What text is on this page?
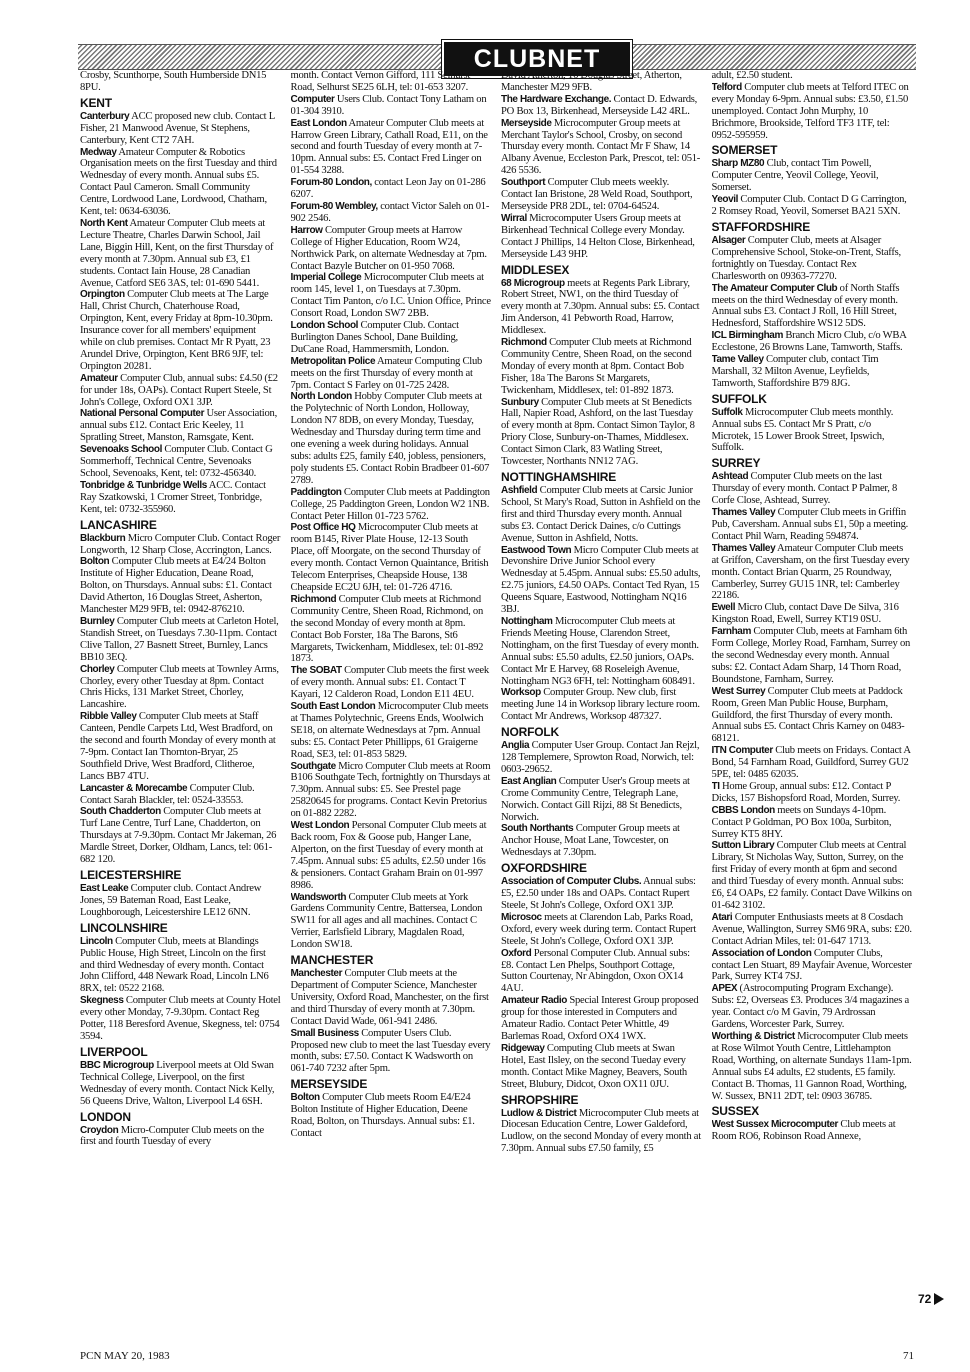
CLUBNET
Crosby, Scunthorpe, South Humberside DN15 8PU.
KENT
Canterbury ACC proposed new club. Contact L Fisher, 21 Manwood Avenue, St Stephens, Canterbury, Kent CT2 7AH.
Medway Amateur Computer & Robotics Organisation meets on the first Tuesday and third Wednesday of every month. Annual subs £5. Contact Paul Cameron. Small Community Centre, Lordwood Lane, Lordwood, Chatham, Kent, tel: 0634-63036.
North Kent Amateur Computer Club meets at Lecture Theatre, Charles Darwin School, Jail Lane, Biggin Hill, Kent, on the first Thursday of every month at 7.30pm. Annual sub £3, £1 students. Contact Iain House, 28 Canadian Avenue, Catford SE6 3AS, tel: 01-690 5441.
Orpington Computer Club meets at The Large Hall, Christ Church, Chaterhouse Road, Orpington, Kent, every Friday at 8pm-10.30pm. Insurance cover for all members' equipment while on club premises. Contact Mr R Pyatt, 23 Arundel Drive, Orpington, Kent BR6 9JF, tel: Orpington 20281.
Amateur Computer Club, annual subs: £4.50 (£2 for under 18s, OAPs). Contact Rupert Steele, St John's College, Oxford OX1 3JP.
National Personal Computer User Association, annual subs £12. Contact Eric Keeley, 11 Spratling Street, Manston, Ramsgate, Kent.
Sevenoaks School Computer Club. Contact G Sommerhoff, Technical Centre, Sevenoaks School, Sevenoaks, Kent, tel: 0732-456340.
Tonbridge & Tunbridge Wells ACC. Contact Ray Szatkowski, 1 Cromer Street, Tonbridge, Kent, tel: 0732-355960.
LANCASHIRE
Blackburn Micro Computer Club. Contact Roger Longworth, 12 Sharp Close, Accrington, Lancs.
Bolton Computer Club meets at E4/24 Bolton Institute of Higher Education, Deane Road, Bolton, on Thursdays. Annual subs: £1. Contact David Atherton, 16 Douglas Street, Asherton, Manchester M29 9FB, tel: 0942-876210.
Burnley Computer Club meets at Carleton Hotel, Standish Street, on Tuesdays 7.30-11pm. Contact Clive Tallon, 27 Basnett Street, Burnley, Lancs BB10 3EQ.
Chorley Computer Club meets at Townley Arms, Chorley, every other Tuesday at 8pm. Contact Chris Hicks, 131 Market Street, Chorley, Lancashire.
Ribble Valley Computer Club meets at Staff Canteen, Pendle Carpets Ltd, West Bradford, on the second and fourth Monday of every month at 7-9pm. Contact Ian Thornton-Bryar, 25 Southfield Drive, West Bradford, Clitheroe, Lancs BB7 4TU.
Lancaster & Morecambe Computer Club. Contact Sarah Blackler, tel: 0524-33553.
South Chadderton Computer Club meets at Turf Lane Centre, Turf Lane, Chadderton, on Thursdays at 7-9.30pm. Contact Mr Jakeman, 26 Mardle Street, Dorker, Oldham, Lancs, tel: 061-682 120.
LEICESTERSHIRE
East Leake Computer club. Contact Andrew Jones, 59 Bateman Road, East Leake, Loughborough, Leicestershire LE12 6NN.
LINCOLNSHIRE
Lincoln Computer Club, meets at Blandings Public House, High Street, Lincoln on the first and third Wednesday of every month. Contact John Clifford, 448 Newark Road, Lincoln LN6 8RX, tel: 0522 2168.
Skegness Computer Club meets at County Hotel every other Monday, 7-9.30pm. Contact Reg Potter, 118 Beresford Avenue, Skegness, tel: 0754 3594.
LIVERPOOL
BBC Microgroup Liverpool meets at Old Swan Technical College, Liverpool, on the first Wednesday of every month. Contact Nick Kelly, 56 Queens Drive, Walton, Liverpool L4 6SH.
LONDON
Croydon Micro-Computer Club meets on the first and fourth Tuesday of every
month. Contact Vernon Gifford, 111 Selhurst Road, Selhurst SE25 6LH, tel: 01-653 3207.
Computer Users Club. Contact Tony Latham on 01-304 3910.
East London Amateur Computer Club meets at Harrow Green Library, Cathall Road, E11, on the second and fourth Tuesday of every month at 7-10pm. Annual subs: £5. Contact Fred Linger on 01-554 3288.
Forum-80 London, contact Leon Jay on 01-286 6207.
Forum-80 Wembley, contact Victor Saleh on 01-902 2546.
Harrow Computer Group meets at Harrow College of Higher Education, Room W24, Northwick Park, on alternate Wednesday at 7pm. Contact Bazyle Butcher on 01-950 7068.
Imperial College Microcomputer Club meets at room 145, level 1, on Tuesdays at 7.30pm. Contact Tim Panton, c/o I.C. Union Office, Prince Consort Road, London SW7 2BB.
London School Computer Club. Contact Burlington Danes School, Dane Building, DuCane Road, Hammersmith, London.
Metropolitan Police Amateur Computing Club meets on the first Thursday of every month at 7pm. Contact S Farley on 01-725 2428.
North London Hobby Computer Club meets at the Polytechnic of North London, Holloway, London N7 8DB, on every Monday, Tuesday, Wednesday and Thursday during term time and one evening a week during holidays. Annual subs: adults £25, family £40, jobless, pensioners, poly students £5. Contact Robin Bradbeer 01-607 2789.
Paddington Computer Club meets at Paddington College, 25 Paddington Green, London W2 1NB. Contact Peter Hillon 01-723 5762.
Post Office HQ Microcomputer Club meets at room B145, River Plate House, 12-13 South Place, off Moorgate, on the second Thursday of every month. Contact Vernon Quaintance, British Telecom Enterprises, Cheapside House, 138 Cheapside EC2U 6JH, tel: 01-726 4716.
Richmond Computer Club meets at Richmond Community Centre, Sheen Road, Richmond, on the second Monday of every month at 8pm. Contact Bob Forster, 18a The Barons, St6 Margarets, Twickenham, Middlesex, tel: 01-892 1873.
The SOBAT Computer Club meets the first week of every month. Annual subs: £1. Contact T Kayari, 12 Calderon Road, London E11 4EU.
South East London Microcomputer Club meets at Thames Polytechnic, Greens Ends, Woolwich SE18, on alternate Wednesdays at 7pm. Annual subs: £5. Contact Peter Phillipps, 61 Graigerne Road, SE3, tel: 01-853 5829.
Southgate Micro Computer Club meets at Room B106 Southgate Tech, fortnightly on Thursdays at 7.30pm. Annual subs: £5. See Prestel page 25820645 for programs. Contact Kevin Pretorius on 01-882 2282.
West London Personal Computer Club meets at Back room, Fox & Goose pub, Hanger Lane, Alperton, on the first Tuesday of every month at 7.45pm. Annual subs: £5 adults, £2.50 under 16s & pensioners. Contact Graham Brain on 01-997 8986.
Wandsworth Computer Club meets at York Gardens Community Centre, Battersea, London SW11 for all ages and all machines. Contact C Verrier, Earlsfield Library, Magdalen Road, London SW18.
MANCHESTER
Manchester Computer Club meets at the Department of Computer Science, Manchester University, Oxford Road, Manchester, on the first and third Thursday of every month at 7.30pm. Contact David Wade, 061-941 2486.
Small Business Computer Users Club. Proposed new club to meet the last Tuesday every month, subs: £7.50. Contact K Wadsworth on 061-740 7232 after 5pm.
MERSEYSIDE
Bolton Computer Club meets Room E4/E24 Bolton Institute of Higher Education, Deene Road, Bolton, on Thursdays. Annual subs: £1. Contact
David Atherton, 16 Douglas Street, Atherton, Manchester M29 9FB.
The Hardware Exchange. Contact D. Edwards, PO Box 13, Birkenhead, Merseyside L42 4RL.
Merseyside Microcomputer Group meets at Merchant Taylor's School, Crosby, on second Thursday every month. Contact Mr F Shaw, 14 Albany Avenue, Eccleston Park, Prescot, tel: 051-426 5536.
Southport Computer Club meets weekly. Contact Ian Bristone, 28 Weld Road, Southport, Merseyside PR8 2DL, tel: 0704-64524.
Wirral Microcomputer Users Group meets at Birkenhead Technical College every Monday. Contact J Phillips, 14 Helton Close, Birkenhead, Merseyside L43 9HP.
MIDDLESEX
68 Microgroup meets at Regents Park Library, Robert Street, NW1, on the third Tuesday of every month at 7.30pm. Annual subs: £5. Contact Jim Anderson, 41 Pebworth Road, Harrow, Middlesex.
Richmond Computer Club meets at Richmond Community Centre, Sheen Road, on the second Monday of every month at 8pm. Contact Bob Fisher, 18a The Barons St Margarets, Twickenham, Middlesex, tel: 01-892 1873.
Sunbury Computer Club meets at St Benedicts Hall, Napier Road, Ashford, on the last Tuesday of every month at 8pm. Contact Simon Taylor, 8 Priory Close, Sunbury-on-Thames, Middlesex. Contact Simon Clark, 83 Watling Street, Towcester, Northants NN12 7AG.
NOTTINGHAMSHIRE
Ashfield Computer Club meets at Carsic Junior School, St Mary's Road, Sutton in Ashfield on the first and third Thursday every month. Annual subs £3. Contact Derick Daines, c/o Cuttings Avenue, Sutton in Ashfield, Notts.
Eastwood Town Micro Computer Club meets at Devonshire Drive Junior School every Wednesday at 5.45pm. Annual subs: £5.50 adults, £2.75 juniors, £4.50 OAPs. Contact Ted Ryan, 15 Queens Square, Eastwood, Nottingham NQ16 3BJ.
Nottingham Microcomputer Club meets at Friends Meeting House, Clarendon Street, Nottingham, on the first Tuesday of every month. Annual subs: £5.50 adults, £2.50 juniors, OAPs. Contact Mr E Harvey, 68 Roseleigh Avenue, Nottingham NG3 6FH, tel: Nottingham 608491.
Worksop Computer Group. New club, first meeting June 14 in Worksop library lecture room. Contact Mr Andrews, Worksop 487327.
NORFOLK
Anglia Computer User Group. Contact Jan Rejzl, 128 Templemere, Sprowton Road, Norwich, tel: 0603-29652.
East Anglian Computer User's Group meets at Crome Community Centre, Telegraph Lane, Norwich. Contact Gill Rijzi, 88 St Benedicts, Norwich.
South Northants Computer Group meets at Anchor House, Moat Lane, Towcester, on Wednesdays at 7.30pm.
OXFORDSHIRE
Association of Computer Clubs. Annual subs: £5, £2.50 under 18s and OAPs. Contact Rupert Steele, St John's College, Oxford OX1 3JP.
Microsoc meets at Clarendon Lab, Parks Road, Oxford, every week during term. Contact Rupert Steele, St John's College, Oxford OX1 3JP.
Oxford Personal Computer Club. Annual subs: £8. Contact Len Phelps, Southport Cottage, Sutton Courtenay, Nr Abingdon, Oxon OX14 4AU.
Amateur Radio Special Interest Group proposed group for those interested in Computers and Amateur Radio. Contact Peter Whittle, 49 Barlemas Road, Oxford OX4 1WX.
Ridgeway Computing Club meets at Swan Hotel, East Ilsley, on the second Tueday every month. Contact Mike Magney, Beavers, South Street, Blubury, Didcot, Oxon OX11 0JU.
SHROPSHIRE
Ludlow & District Microcomputer Club meets at Diocesan Education Centre, Lower Galdeford, Ludlow, on the second Monday of every month at 7.30pm. Annual subs £7.50 family, £5
adult, £2.50 student.
Telford Computer club meets at Telford ITEC on every Monday 6-9pm. Annual subs: £3.50, £1.50 unemployed. Contact John Murphy, 10 Brichmore, Brookside, Telford TF3 1TF, tel: 0952-595959.
SOMERSET
Sharp MZ80 Club, contact Tim Powell, Computer Centre, Yeovil College, Yeovil, Somerset.
Yeovil Computer Club. Contact D G Carrington, 2 Romsey Road, Yeovil, Somerset BA21 5XN.
STAFFORDSHIRE
Alsager Computer Club, meets at Alsager Comprehensive School, Stoke-on-Trent, Staffs, fortnightly on Tuesday. Contact Rex Charlesworth on 09363-77270.
The Amateur Computer Club of North Staffs meets on the third Wednesday of every month. Annual subs £3. Contact J Roll, 16 Hill Street, Hednesford, Staffordshire WS12 5DS.
ICL Birmingham Branch Micro Club, c/o WBA Ecclestone, 26 Browns Lane, Tamworth, Staffs.
Tame Valley Computer club, contact Tim Marshall, 32 Milton Avenue, Leyfields, Tamworth, Staffordshire B79 8JG.
SUFFOLK
Suffolk Microcomputer Club meets monthly. Annual subs £5. Contact Mr S Pratt, c/o Microtek, 15 Lower Brook Street, Ipswich, Suffolk.
SURREY
Ashtead Computer Club meets on the last Thursday of every month. Contact P Palmer, 8 Corfe Close, Ashtead, Surrey.
Thames Valley Computer Club meets in Griffin Pub, Caversham. Annual subs £1, 50p a meeting. Contact Phil Warn, Reading 594874.
Thames Valley Amateur Computer Club meets at Griffon, Caversham, on the first Tuesday every month. Contact Brian Quarm, 25 Roundway, Camberley, Surrey GU15 1NR, tel: Camberley 22186.
Ewell Micro Club, contact Dave De Silva, 316 Kingston Road, Ewell, Surrey KT19 0SU.
Farnham Computer Club, meets at Farnham 6th Form College, Morley Road, Farnham, Surrey on the second Wednesday every month. Annual subs: £2. Contact Adam Sharp, 14 Thorn Road, Boundstone, Farnham, Surrey.
West Surrey Computer Club meets at Paddock Room, Green Man Public House, Burpham, Guildford, the first Thursday of every month. Annual subs £5. Contact Chris Karney on 0483-68121.
ITN Computer Club meets on Fridays. Contact A Bond, 54 Farnham Road, Guildford, Surrey GU2 5PE, tel: 0485 62035.
TI Home Group, annual subs: £12. Contact P Dicks, 157 Bishopsford Road, Morden, Surrey.
CBBS London meets on Sundays 4-10pm. Contact P Goldman, PO Box 100a, Surbiton, Surrey KT5 8HY.
Sutton Library Computer Club meets at Central Library, St Nicholas Way, Sutton, Surrey, on the first Friday of every month at 6pm and second and third Tuesday of every month. Annual subs: £6, £4 OAPs, £2 family. Contact Dave Wilkins on 01-642 3102.
Atari Computer Enthusiasts meets at 8 Cosdach Avenue, Wallington, Surrey SM6 9RA, subs: £20. Contact Adrian Miles, tel: 01-647 1713.
Association of London Computer Clubs, contact Len Stuart, 89 Mayfair Avenue, Worcester Park, Surrey KT4 7SJ.
APEX (Astrocomputing Program Exchange). Subs: £2, Overseas £3. Produces 3/4 magazines a year. Contact c/o M Gavin, 79 Ardrossan Gardens, Worcester Park, Surrey.
Worthing & District Microcomputer Club meets at Rose Wilmot Youth Centre, Littlehampton Road, Worthing, on alternate Sundays 11am-1pm. Annual subs £4 adults, £2 students, £5 family. Contact B. Thomas, 11 Gannon Road, Worthing, W. Sussex, BN11 2DT, tel: 0903 36785.
SUSSEX
West Sussex Microcomputer Club meets at Room RO6, Robinson Road Annexe,
72
PCN MAY 20, 1983	71
